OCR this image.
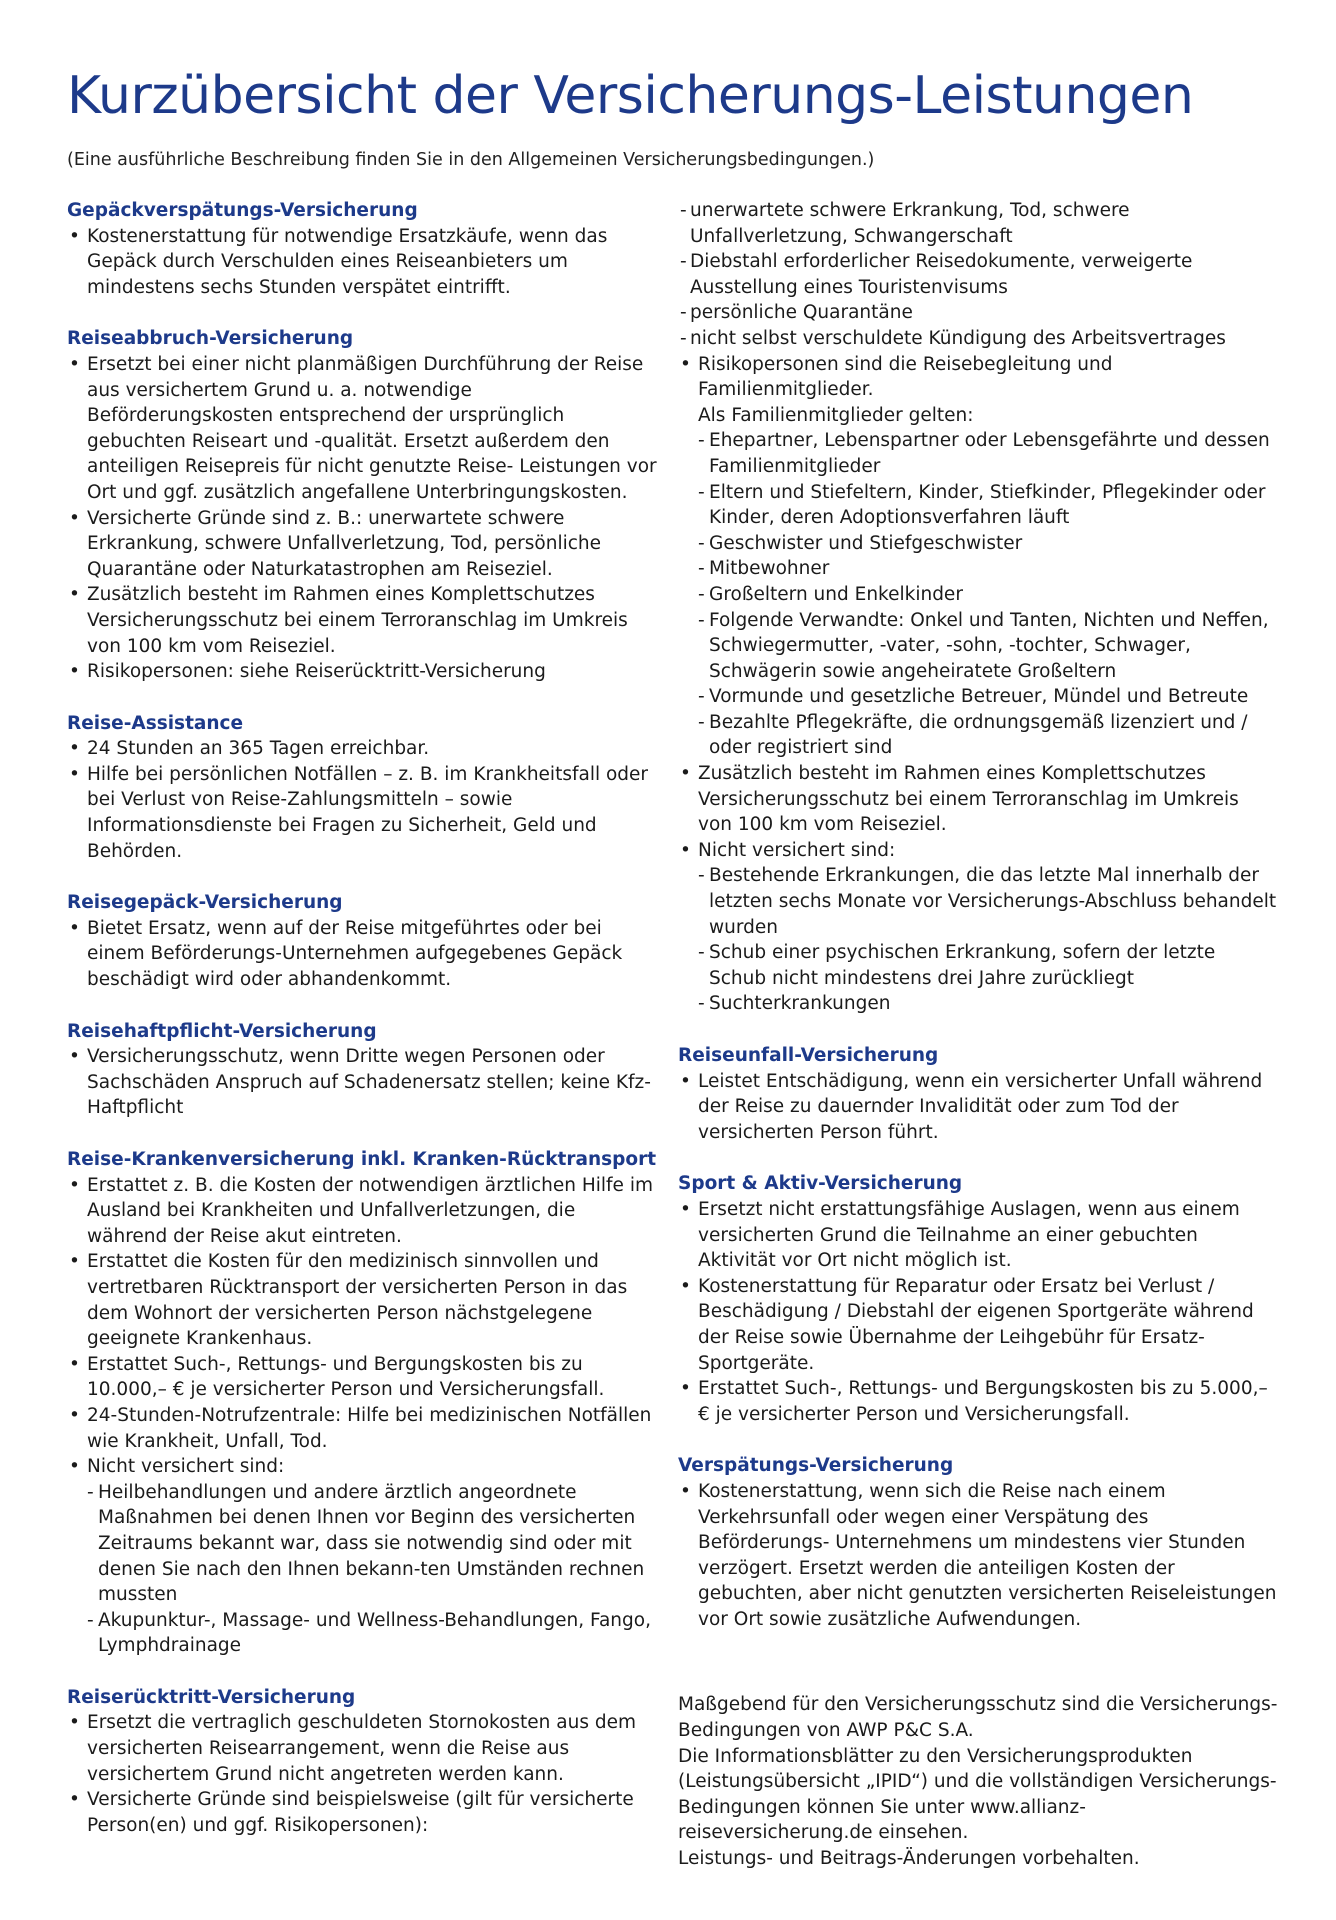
Kurzübersicht der Versicherungs-Leistungen

(Eine ausführliche Beschreibung finden Sie in den Allgemeinen Versicherungsbedingungen.)

Gepäckverspätungs-Versicherung

• Kostenerstattung für notwendige Ersatzkäufe, wenn das Gepäck durch Verschulden eines Reiseanbieters um mindestens sechs Stunden verspätet eintrifft.

Reiseabbruch-Versicherung

• Ersetzt bei einer nicht planmäßigen Durchführung der Reise aus versichertem Grund u. a. notwendige Beförderungskosten entsprechend der ursprünglich gebuchten Reiseart und -qualität. Ersetzt außerdem den anteiligen Reisepreis für nicht genutzte Reise- Leistungen vor Ort und ggf. zusätzlich angefallene Unterbringungskosten.

• Versicherte Gründe sind z. B.: unerwartete schwere Erkrankung, schwere Unfallverletzung, Tod, persönliche Quarantäne oder Naturkatastrophen am Reiseziel.

• Zusätzlich besteht im Rahmen eines Komplettschutzes Versicherungsschutz bei einem Terroranschlag im Umkreis von 100 km vom Reiseziel.

• Risikopersonen: siehe Reiserücktritt-Versicherung

Reise-Assistance

• 24 Stunden an 365 Tagen erreichbar.

• Hilfe bei persönlichen Notfällen – z. B. im Krankheitsfall oder bei Verlust von Reise-Zahlungsmitteln – sowie Informationsdienste bei Fragen zu Sicherheit, Geld und Behörden.

Reisegepäck-Versicherung

• Bietet Ersatz, wenn auf der Reise mitgeführtes oder bei einem Beförderungs-Unternehmen aufgegebenes Gepäck beschädigt wird oder abhandenkommt.

Reisehaftpflicht-Versicherung

• Versicherungsschutz, wenn Dritte wegen Personen oder Sachschäden Anspruch auf Schadenersatz stellen; keine Kfz-Haftpflicht

Reise-Krankenversicherung inkl. Kranken-Rücktransport

• Erstattet z. B. die Kosten der notwendigen ärztlichen Hilfe im Ausland bei Krankheiten und Unfallverletzungen, die während der Reise akut eintreten.

• Erstattet die Kosten für den medizinisch sinnvollen und vertretbaren Rücktransport der versicherten Person in das dem Wohnort der versicherten Person nächstgelegene geeignete Krankenhaus.

• Erstattet Such-, Rettungs- und Bergungskosten bis zu 10.000,– € je versicherter Person und Versicherungsfall.

• 24-Stunden-Notrufzentrale: Hilfe bei medizinischen Notfällen wie Krankheit, Unfall, Tod.

• Nicht versichert sind:

- Heilbehandlungen und andere ärztlich angeordnete Maßnahmen bei denen Ihnen vor Beginn des versicherten Zeitraums bekannt war, dass sie notwendig sind oder mit denen Sie nach den Ihnen bekann-ten Umständen rechnen mussten

- Akupunktur-, Massage- und Wellness-Behandlungen, Fango, Lymphdrainage

Reiserücktritt-Versicherung

• Ersetzt die vertraglich geschuldeten Stornokosten aus dem versicherten Reisearrangement, wenn die Reise aus versichertem Grund nicht angetreten werden kann.

• Versicherte Gründe sind beispielsweise (gilt für versicherte Person(en) und ggf. Risikopersonen):

- unerwartete schwere Erkrankung, Tod, schwere Unfallverletzung, Schwangerschaft

- Diebstahl erforderlicher Reisedokumente, verweigerte Ausstellung eines Touristenvisums

- persönliche Quarantäne

- nicht selbst verschuldete Kündigung des Arbeitsvertrages

• Risikopersonen sind die Reisebegleitung und Familienmitglieder.

Als Familienmitglieder gelten:

- Ehepartner, Lebenspartner oder Lebensgefährte und dessen Familienmitglieder

- Eltern und Stiefeltern, Kinder, Stiefkinder, Pflegekinder oder Kinder, deren Adoptionsverfahren läuft

- Geschwister und Stiefgeschwister

- Mitbewohner

- Großeltern und Enkelkinder

- Folgende Verwandte: Onkel und Tanten, Nichten und Neffen, Schwiegermutter, -vater, -sohn, -tochter, Schwager, Schwägerin sowie angeheiratete Großeltern

- Vormunde und gesetzliche Betreuer, Mündel und Betreute

- Bezahlte Pflegekräfte, die ordnungsgemäß lizenziert und / oder registriert sind

• Zusätzlich besteht im Rahmen eines Komplettschutzes Versicherungsschutz bei einem Terroranschlag im Umkreis von 100 km vom Reiseziel.

• Nicht versichert sind:

- Bestehende Erkrankungen, die das letzte Mal innerhalb der letzten sechs Monate vor Versicherungs-Abschluss behandelt wurden

- Schub einer psychischen Erkrankung, sofern der letzte Schub nicht mindestens drei Jahre zurückliegt

- Suchterkrankungen

Reiseunfall-Versicherung

• Leistet Entschädigung, wenn ein versicherter Unfall während der Reise zu dauernder Invalidität oder zum Tod der versicherten Person führt.

Sport & Aktiv-Versicherung

• Ersetzt nicht erstattungsfähige Auslagen, wenn aus einem versicherten Grund die Teilnahme an einer gebuchten Aktivität vor Ort nicht möglich ist.

• Kostenerstattung für Reparatur oder Ersatz bei Verlust / Beschädigung / Diebstahl der eigenen Sportgeräte während der Reise sowie Übernahme der Leihgebühr für Ersatz-Sportgeräte.

• Erstattet Such-, Rettungs- und Bergungskosten bis zu 5.000,– € je versicherter Person und Versicherungsfall.

Verspätungs-Versicherung

• Kostenerstattung, wenn sich die Reise nach einem Verkehrsunfall oder wegen einer Verspätung des Beförderungs- Unternehmens um mindestens vier Stunden verzögert. Ersetzt werden die anteiligen Kosten der gebuchten, aber nicht genutzten versicherten Reiseleistungen vor Ort sowie zusätzliche Aufwendungen.

Maßgebend für den Versicherungsschutz sind die Versicherungs-Bedingungen von AWP P&C S.A.

Die Informationsblätter zu den Versicherungsprodukten (Leistungsübersicht „IPID“) und die vollständigen Versicherungs-Bedingungen können Sie unter www.allianz-reiseversicherung.de einsehen.

Leistungs- und Beitrags-Änderungen vorbehalten.
